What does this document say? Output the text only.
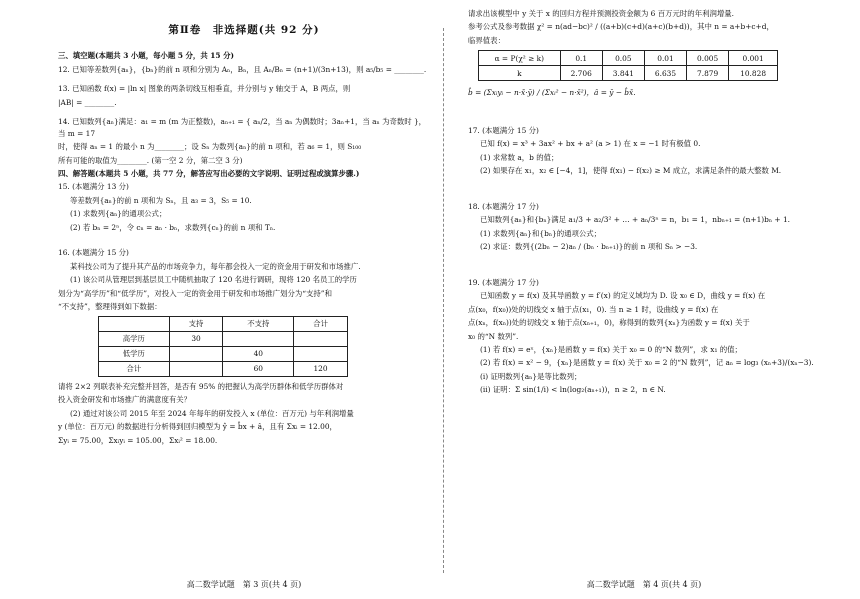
第Ⅱ卷　非选择题(共 92 分)

三、填空题(本题共 3 小题，每小题 5 分，共 15 分)

12. 已知等差数列{aₙ}，{bₙ}的前 n 项和分别为 Aₙ，Bₙ，且 Aₙ/Bₙ = (n+1)/(3n+13)，则 a₅/b₅ = ________.

13. 已知函数 f(x) = |ln x| 图象的两条切线互相垂直，并分别与 y 轴交于 A，B 两点，则

|AB| = ________.

14. 已知数列{aₙ}满足：a₁ = m (m 为正整数)，aₙ₊₁ = { aₙ/2，当 aₙ 为偶数时；3aₙ+1，当 aₙ 为奇数时 }，当 m = 17

时，使得 aₙ = 1 的最小 n 为________；设 Sₙ 为数列{aₙ}的前 n 项和，若 a₆ = 1，则 S₁₀₀

所有可能的取值为________. (第一空 2 分，第二空 3 分)

四、解答题(本题共 5 小题，共 77 分，解答应写出必要的文字说明、证明过程或演算步骤.)

15. (本题满分 13 分)

等差数列{aₙ}的前 n 项和为 Sₙ，且 a₃ = 3，S₅ = 10.

(1) 求数列{aₙ}的通项公式；

(2) 若 bₙ = 2ⁿ，令 cₙ = aₙ · bₙ，求数列{cₙ}的前 n 项和 Tₙ.

16. (本题满分 15 分)

某科技公司为了提升其产品的市场竞争力，每年都会投入一定的资金用于研发和市场推广.

(1) 该公司从管理层到基层员工中随机抽取了 120 名进行调研，现将 120 名员工的学历

划分为“高学历”和“低学历”，对投入一定的资金用于研发和市场推广划分为“支持”和

“不支持”，整理得到如下数据：

	支持	不支持	合计
高学历	30		
低学历		40	
合计		60	120

请将 2×2 列联表补充完整并回答，是否有 95% 的把握认为高学历群体和低学历群体对

投入资金研发和市场推广的满意度有关？

(2) 通过对该公司 2015 年至 2024 年每年的研发投入 x (单位：百万元) 与年利润增量

y (单位：百万元) 的数据进行分析得到回归模型为 ŷ = b̂x + â，且有 Σxᵢ = 12.00，

Σyᵢ = 75.00，Σxᵢyᵢ = 105.00，Σxᵢ² = 18.00.

高二数学试题　第 3 页(共 4 页)

请求出该模型中 y 关于 x 的回归方程并预测投资金额为 6 百万元时的年利润增量.

参考公式及参考数据 χ² = n(ad−bc)² / ((a+b)(c+d)(a+c)(b+d))，其中 n = a+b+c+d，

临界值表：

α = P(χ² ≥ k)	0.1	0.05	0.01	0.005	0.001
k	2.706	3.841	6.635	7.879	10.828

b̂ = (Σxᵢyᵢ − n·x̄·ȳ) / (Σxᵢ² − n·x̄²)，â = ȳ − b̂x̄.

17. (本题满分 15 分)

已知 f(x) = x³ + 3ax² + bx + a² (a > 1) 在 x = −1 时有极值 0.

(1) 求常数 a，b 的值；

(2) 如果存在 x₁，x₂ ∈ [−4，1]，使得 f(x₁) − f(x₂) ≥ M 成立，求满足条件的最大整数 M.

18. (本题满分 17 分)

已知数列{aₙ}和{bₙ}满足 a₁/3 + a₂/3² + … + aₙ/3ⁿ = n，b₁ = 1，nbₙ₊₁ = (n+1)bₙ + 1.

(1) 求数列{aₙ}和{bₙ}的通项公式；

(2) 求证：数列{(2bₙ − 2)aₙ / (bₙ · bₙ₊₁)}的前 n 项和 Sₙ > −3.

19. (本题满分 17 分)

已知函数 y = f(x) 及其导函数 y = f′(x) 的定义域均为 D. 设 x₀ ∈ D，曲线 y = f(x) 在

点(x₀，f(x₀))处的切线交 x 轴于点(x₁，0). 当 n ≥ 1 时，设曲线 y = f(x) 在

点(xₙ，f(xₙ))处的切线交 x 轴于点(xₙ₊₁，0)，称得到的数列{xₙ}为函数 y = f(x) 关于

x₀ 的“N 数列”.

(1) 若 f(x) = eˣ，{xₙ}是函数 y = f(x) 关于 x₀ = 0 的“N 数列”，求 x₁ 的值；

(2) 若 f(x) = x² − 9，{xₙ}是函数 y = f(x) 关于 x₀ = 2 的“N 数列”，记 aₙ = log₃ (xₙ+3)/(xₙ−3).

(ⅰ) 证明数列{aₙ}是等比数列；

(ⅱ) 证明：Σ sin(1/i) < ln(log₂(aₙ₊₁))，n ≥ 2，n ∈ N.

高二数学试题　第 4 页(共 4 页)
